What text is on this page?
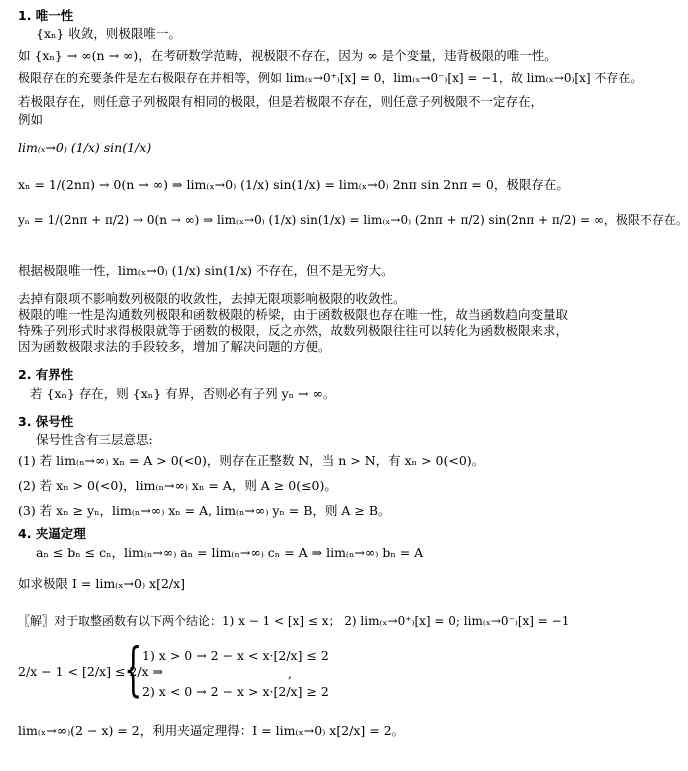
1. 唯一性
{xₙ} 收敛，则极限唯一。
如 {xₙ} → ∞(n → ∞)，在考研数学范畴，视极限不存在，因为 ∞ 是个变量，违背极限的唯一性。
极限存在的充要条件是左右极限存在并相等，例如 lim₍ₓ→0⁺₎[x] = 0，lim₍ₓ→0⁻₎[x] = −1，故 lim₍ₓ→0₎[x] 不存在。
若极限存在，则任意子列极限有相同的极限，但是若极限不存在，则任意子列极限不一定存在，
例如
lim₍ₓ→0₎ (1/x) sin(1/x)
xₙ = 1/(2nπ) → 0(n → ∞) ⇒ lim₍ₓ→0₎ (1/x) sin(1/x) = lim₍ₓ→0₎ 2nπ sin 2nπ = 0，极限存在。
yₙ = 1/(2nπ + π/2) → 0(n → ∞) ⇒ lim₍ₓ→0₎ (1/x) sin(1/x) = lim₍ₓ→0₎ (2nπ + π/2) sin(2nπ + π/2) = ∞，极限不存在。
根据极限唯一性，lim₍ₓ→0₎ (1/x) sin(1/x) 不存在，但不是无穷大。
去掉有限项不影响数列极限的收敛性，去掉无限项影响极限的收敛性。
极限的唯一性是沟通数列极限和函数极限的桥梁，由于函数极限也存在唯一性，故当函数趋向变量取特殊子列形式时求得极限就等于函数的极限，反之亦然，故数列极限往往可以转化为函数极限来求，因为函数极限求法的手段较多，增加了解决问题的方便。
2. 有界性
若 {xₙ} 存在，则 {xₙ} 有界，否则必有子列 yₙ → ∞。
3. 保号性
保号性含有三层意思:
(1) 若 lim₍ₙ→∞₎ xₙ = A > 0(<0)，则存在正整数 N，当 n > N，有 xₙ > 0(<0)。
(2) 若 xₙ > 0(<0)，lim₍ₙ→∞₎ xₙ = A，则 A ≥ 0(≤0)。
(3) 若 xₙ ≥ yₙ，lim₍ₙ→∞₎ xₙ = A, lim₍ₙ→∞₎ yₙ = B，则 A ≥ B。
4. 夹逼定理
aₙ ≤ bₙ ≤ cₙ，lim₍ₙ→∞₎ aₙ = lim₍ₙ→∞₎ cₙ = A ⇒ lim₍ₙ→∞₎ bₙ = A
如求极限 I = lim₍ₓ→0₎ x[2/x]
〖解〗对于取整函数有以下两个结论：1) x − 1 < [x] ≤ x； 2) lim₍ₓ→0⁺₎[x] = 0; lim₍ₓ→0⁻₎[x] = −1
2/x − 1 < [2/x] ≤ 2/x ⇒
{ 1) x > 0 → 2 − x < x·[2/x] ≤ 2
2) x < 0 → 2 − x > x·[2/x] ≥ 2
,
lim₍ₓ→∞₎(2 − x) = 2，利用夹逼定理得：I = lim₍ₓ→0₎ x[2/x] = 2。
